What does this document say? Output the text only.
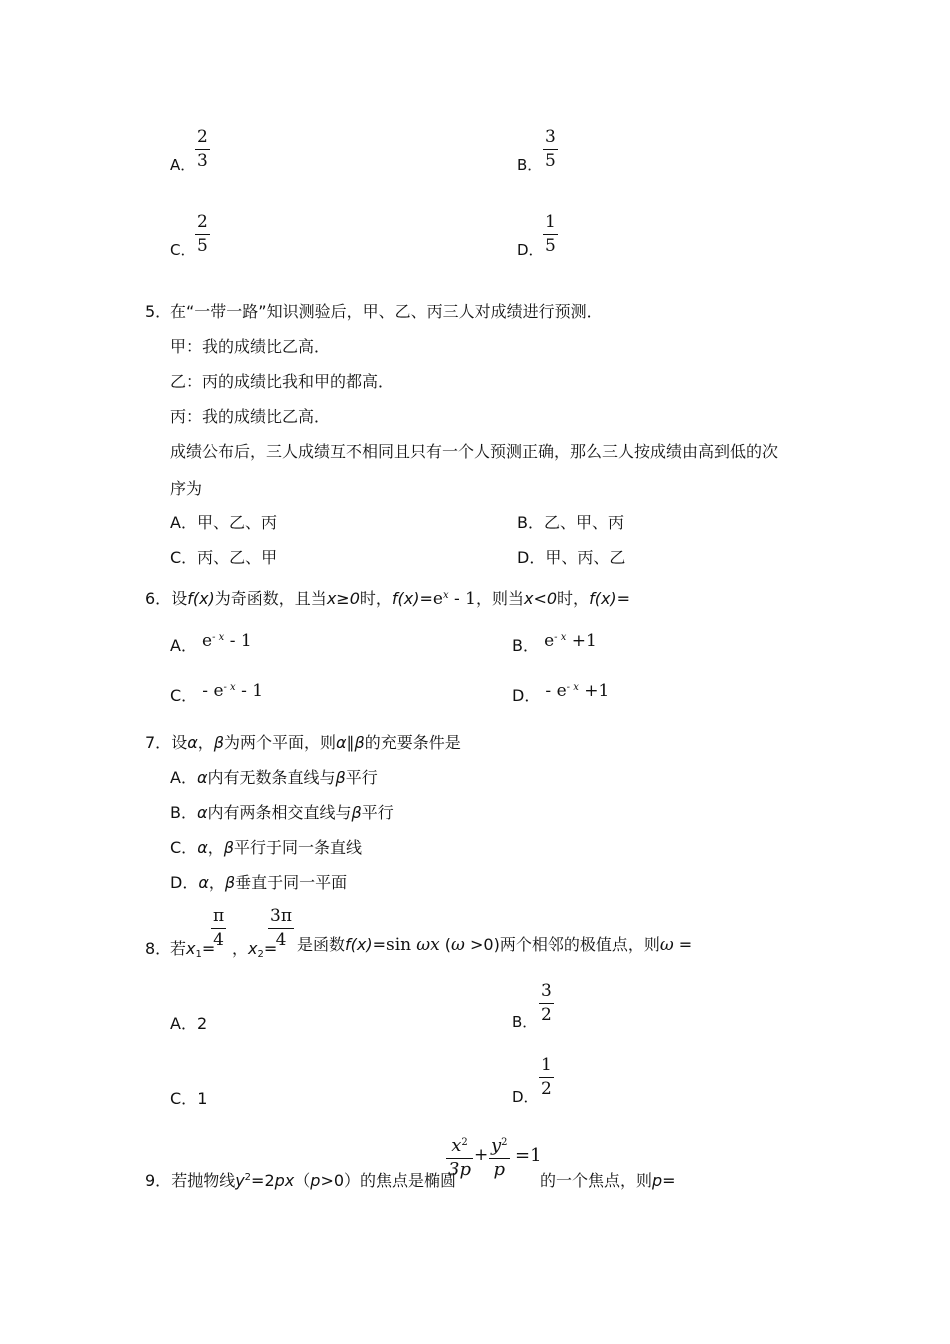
A．
2
3	B．
3
5
C．
2
5	D．
1
5
5．
在“一带一路”知识测验后，甲、乙、丙三人对成绩进行预测．
甲：我的成绩比乙高．
乙：丙的成绩比我和甲的都高．
丙：我的成绩比乙高．
成绩公布后，三人成绩互不相同且只有一个人预测正确，那么三人按成绩由高到低的次
序为
A．甲、乙、丙	B．乙、甲、丙
C．丙、乙、甲	D．甲、丙、乙
6．设f(x)为奇函数，且当x≥0时，$f(x)=e^x - 1$，则当x<0时，f(x)=
A． $e^{- x} - 1$	B． $e^{- x} +1$
C． - $e^{- x} - 1$	D． - $e^{- x} +1$
7．设α，β为两个平面，则α∥β的充要条件是
A．α内有无数条直线与β平行
B．α内有两条相交直线与β平行
C．α，β平行于同一条直线
D．α，β垂直于同一平面
8．
若$x_1=$
π
4 ，$x_2=$
3π
4 是函数f(x)=sin ωx (ω >0)两个相邻的极值点，则ω =
A．2	B．
3
2
C．1	D．
1
2
9．若抛物线$y^2=2px(p>0)$的焦点是椭圆
$x^2$
3p
+ $y^2$
p
=1
的一个焦点，则p=
